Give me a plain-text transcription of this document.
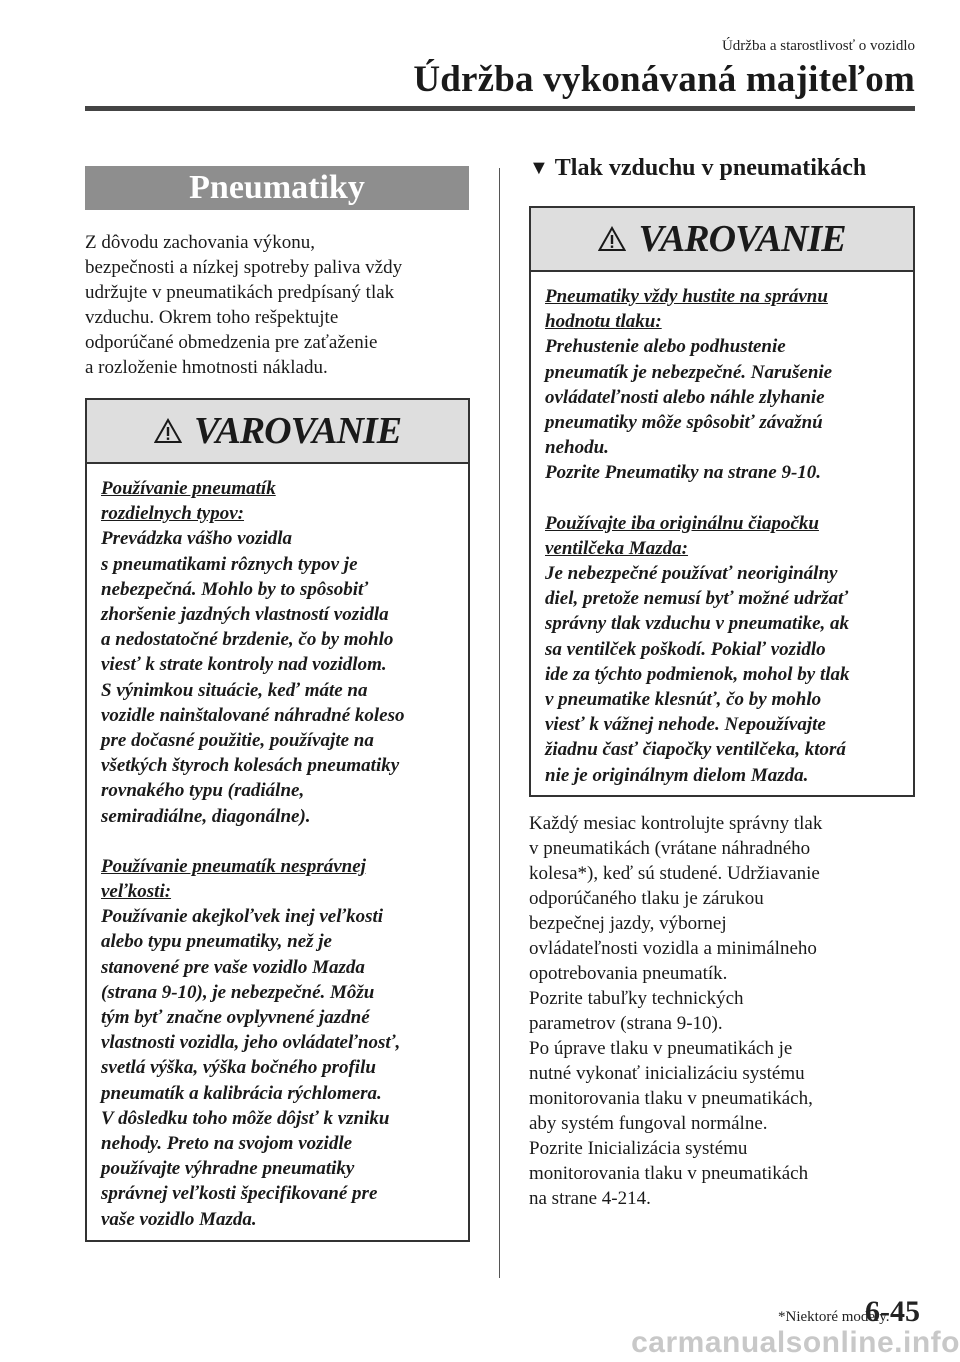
Údržba a starostlivosť o vozidlo
Údržba vykonávaná majiteľom
Pneumatiky

Z dôvodu zachovania výkonu,
bezpečnosti a nízkej spotreby paliva vždy
udržujte v pneumatikách predpísaný tlak
vzduchu. Okrem toho rešpektujte
odporúčané obmedzenia pre zaťaženie
a rozloženie hmotnosti nákladu.

VAROVANIE
Používanie pneumatík
rozdielnych typov:
Prevádzka vášho vozidla
s pneumatikami rôznych typov je
nebezpečná. Mohlo by to spôsobiť
zhoršenie jazdných vlastností vozidla
a nedostatočné brzdenie, čo by mohlo
viesť k strate kontroly nad vozidlom.
S výnimkou situácie, keď máte na
vozidle nainštalované náhradné koleso
pre dočasné použitie, používajte na
všetkých štyroch kolesách pneumatiky
rovnakého typu (radiálne,
semiradiálne, diagonálne).
Používanie pneumatík nesprávnej
veľkosti:
Používanie akejkoľvek inej veľkosti
alebo typu pneumatiky, než je
stanovené pre vaše vozidlo Mazda
(strana 9-10), je nebezpečné. Môžu
tým byť značne ovplyvnené jazdné
vlastnosti vozidla, jeho ovládateľnosť,
svetlá výška, výška bočného profilu
pneumatík a kalibrácia rýchlomera.
V dôsledku toho môže dôjsť k vzniku
nehody. Preto na svojom vozidle
používajte výhradne pneumatiky
správnej veľkosti špecifikované pre
vaše vozidlo Mazda.
▼ Tlak vzduchu v pneumatikách
VAROVANIE
Pneumatiky vždy hustite na správnu
hodnotu tlaku:
Prehustenie alebo podhustenie
pneumatík je nebezpečné. Narušenie
ovládateľnosti alebo náhle zlyhanie
pneumatiky môže spôsobiť závažnú
nehodu.
Pozrite Pneumatiky na strane 9-10.
Používajte iba originálnu čiapočku
ventilčeka Mazda:
Je nebezpečné používať neoriginálny
diel, pretože nemusí byť možné udržať
správny tlak vzduchu v pneumatike, ak
sa ventilček poškodí. Pokiaľ vozidlo
ide za týchto podmienok, mohol by tlak
v pneumatike klesnúť, čo by mohlo
viesť k vážnej nehode. Nepoužívajte
žiadnu časť čiapočky ventilčeka, ktorá
nie je originálnym dielom Mazda.

Každý mesiac kontrolujte správny tlak
v pneumatikách (vrátane náhradného
kolesa*), keď sú studené. Udržiavanie
odporúčaného tlaku je zárukou
bezpečnej jazdy, výbornej
ovládateľnosti vozidla a minimálneho
opotrebovania pneumatík.
Pozrite tabuľky technických
parametrov (strana 9-10).
Po úprave tlaku v pneumatikách je
nutné vykonať inicializáciu systému
monitorovania tlaku v pneumatikách,
aby systém fungoval normálne.
Pozrite Inicializácia systému
monitorovania tlaku v pneumatikách
na strane 4-214.

*Niektoré modely.
6-45
carmanualsonline.info
